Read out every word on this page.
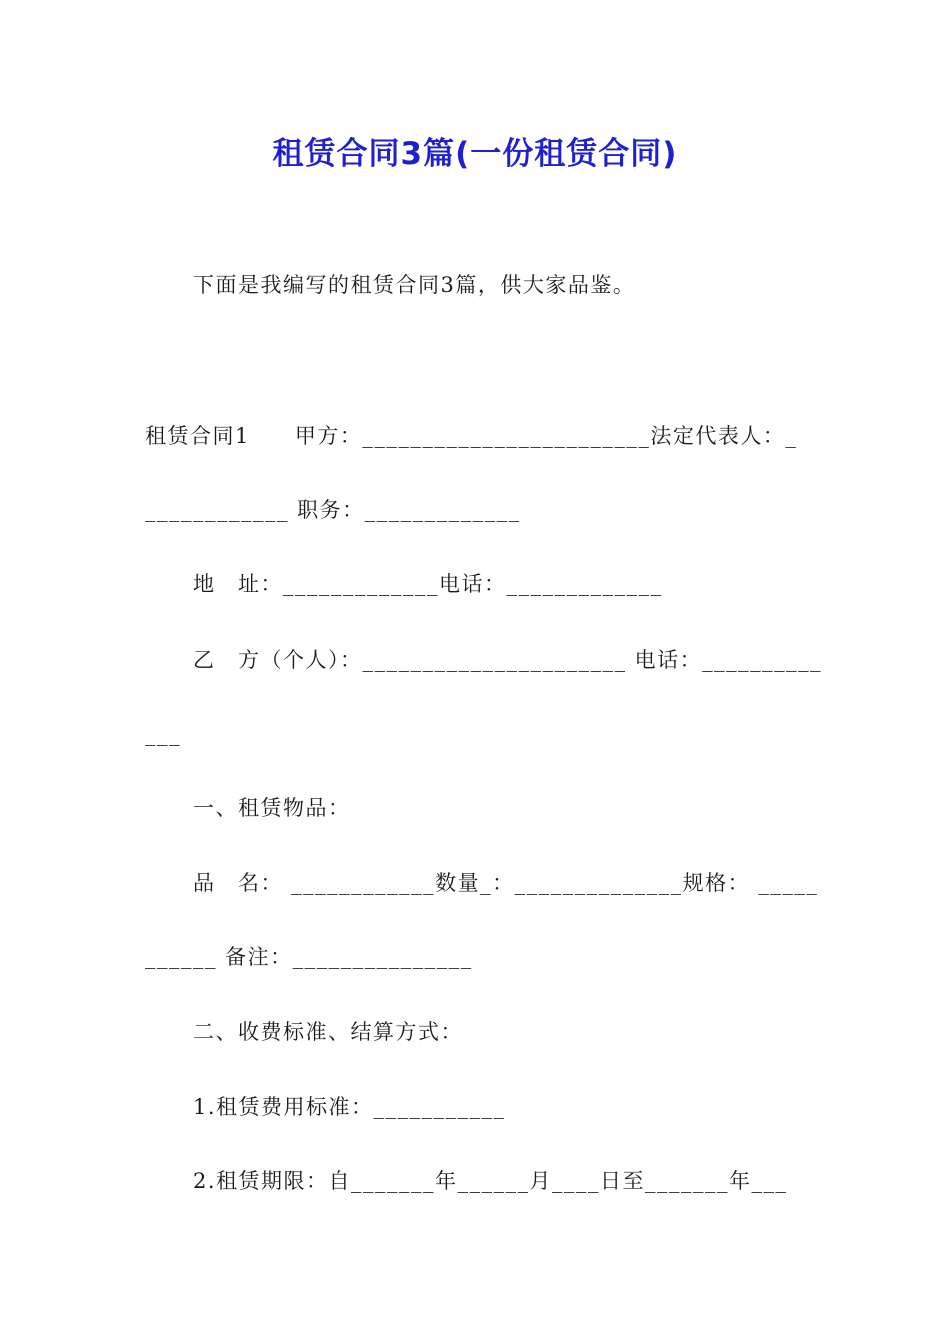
租赁合同3篇(一份租赁合同)
下面是我编写的租赁合同3篇，供大家品鉴。
租赁合同1　　甲方：________________________法定代表人：_
____________ 职务：_____________
地　址：_____________电话：_____________
乙　方（个人）：______________________ 电话：__________
___
一、租赁物品：
品　名： ____________数量_：______________规格： _____
______ 备注：_______________
二、收费标准、结算方式：
1.租赁费用标准：___________
2.租赁期限：自_______年______月____日至_______年___
